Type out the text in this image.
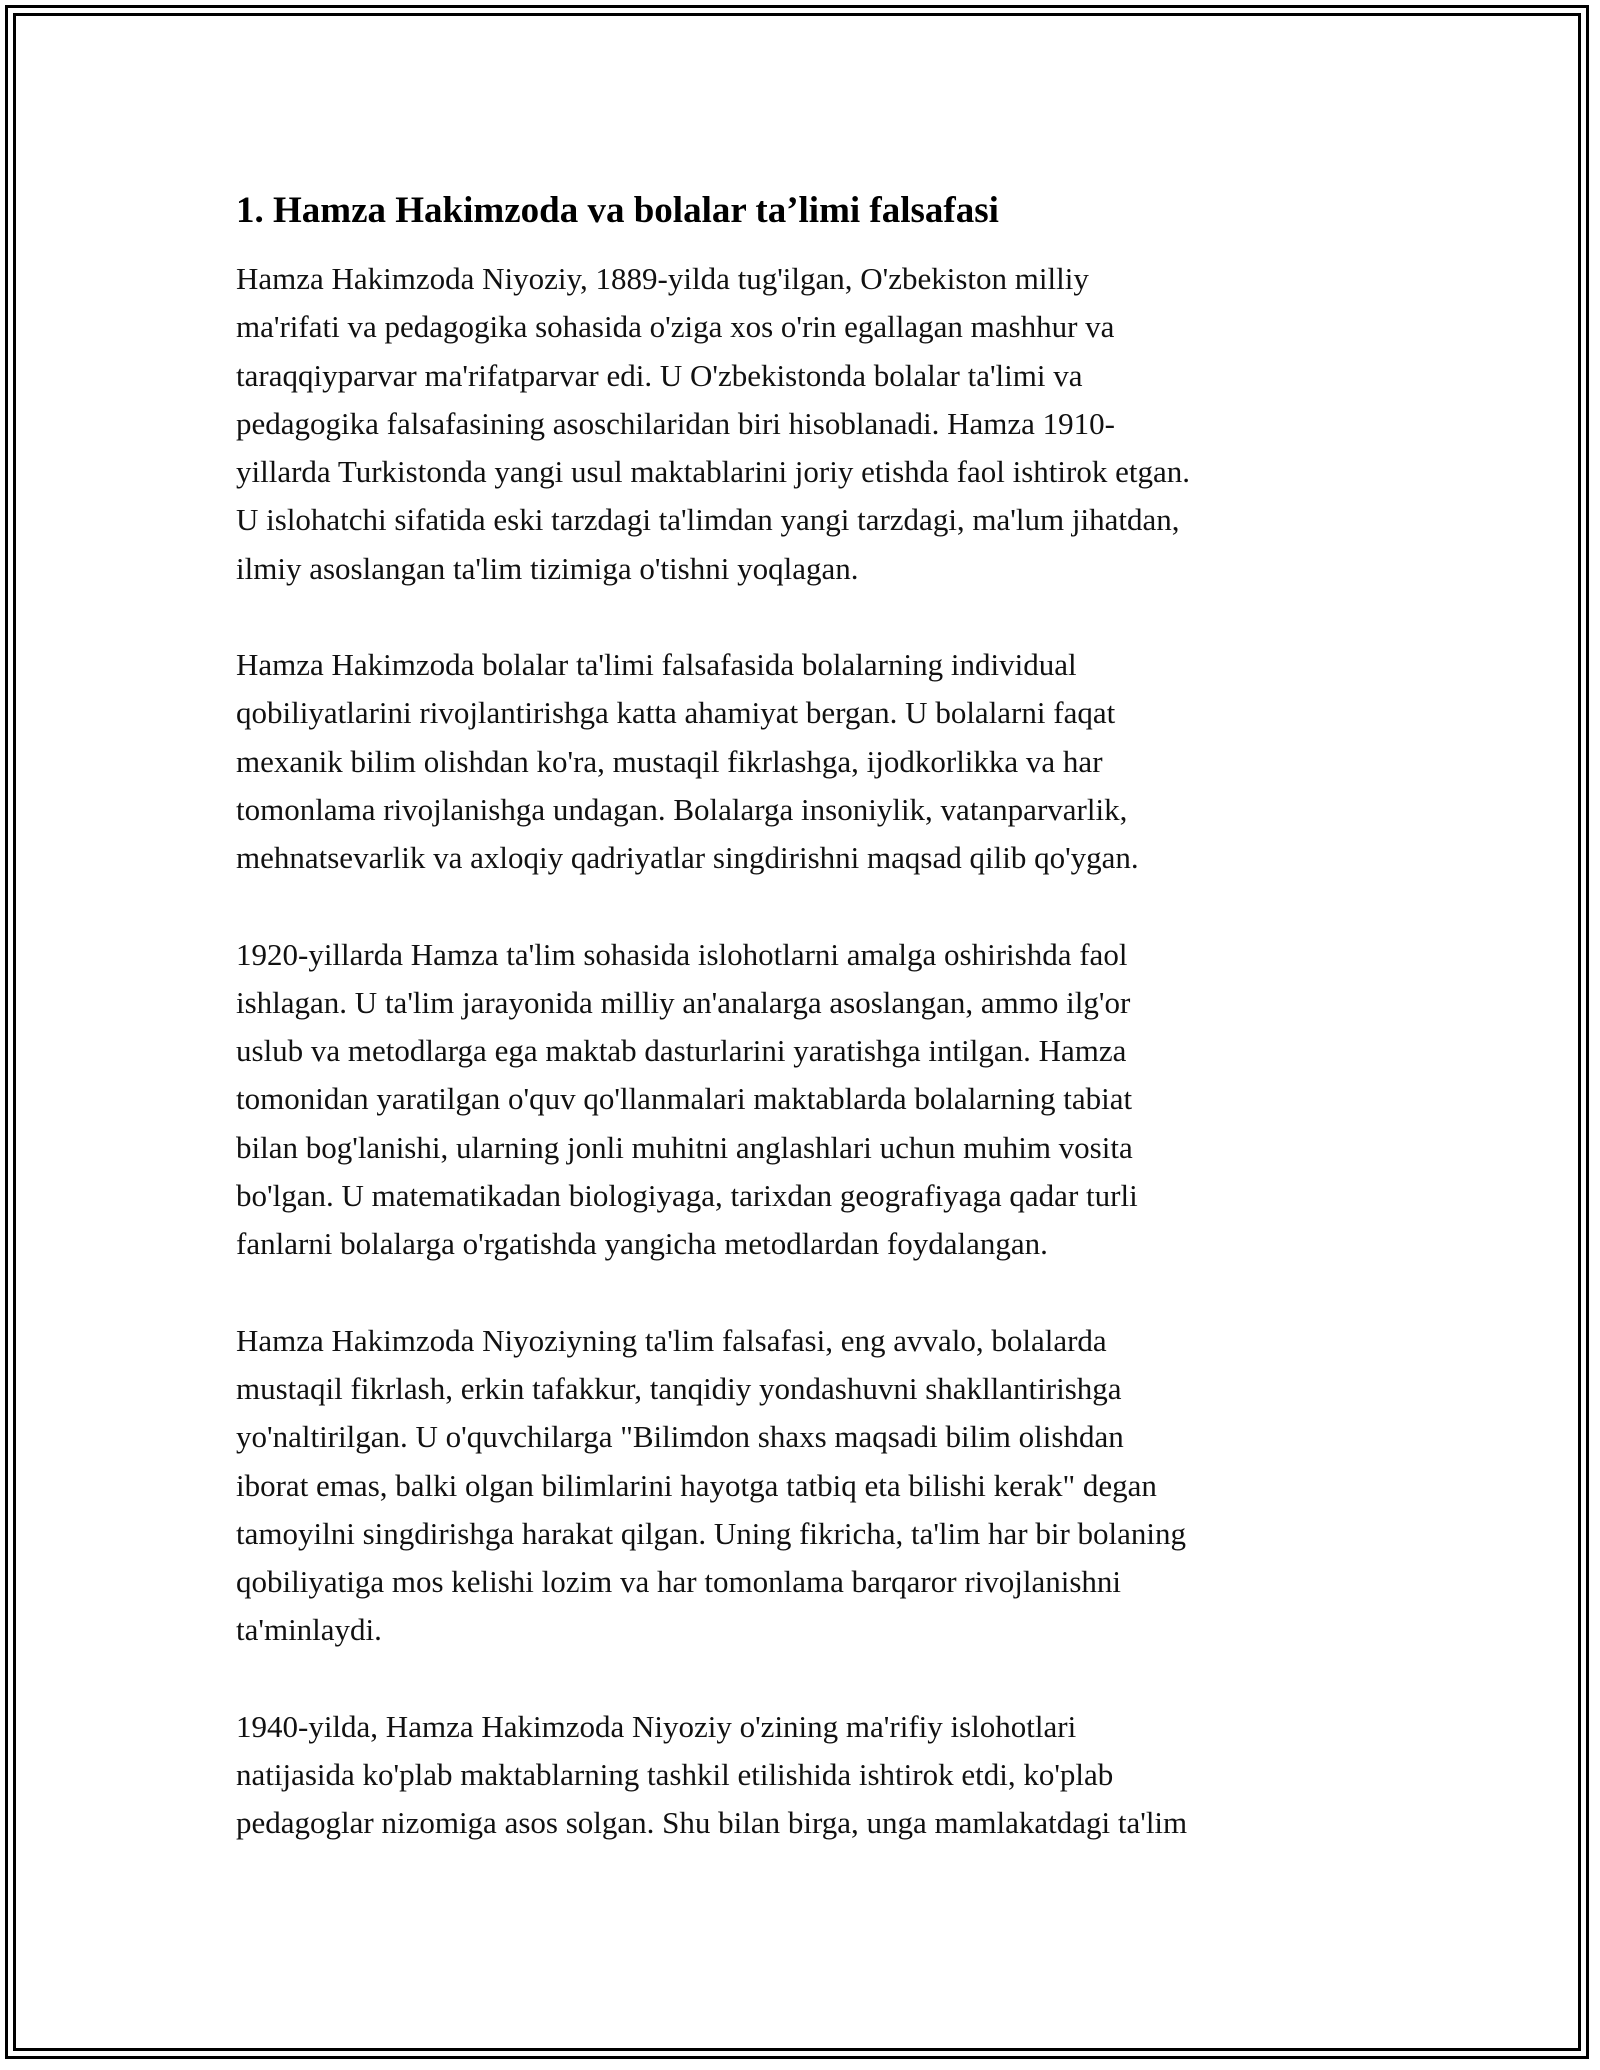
1. Hamza Hakimzoda va bolalar ta’limi falsafasi

Hamza Hakimzoda Niyoziy, 1889-yilda tug'ilgan, O'zbekiston milliy
ma'rifati va pedagogika sohasida o'ziga xos o'rin egallagan mashhur va
taraqqiyparvar ma'rifatparvar edi. U O'zbekistonda bolalar ta'limi va
pedagogika falsafasining asoschilaridan biri hisoblanadi. Hamza 1910-
yillarda Turkistonda yangi usul maktablarini joriy etishda faol ishtirok etgan.
U islohatchi sifatida eski tarzdagi ta'limdan yangi tarzdagi, ma'lum jihatdan,
ilmiy asoslangan ta'lim tizimiga o'tishni yoqlagan.

Hamza Hakimzoda bolalar ta'limi falsafasida bolalarning individual
qobiliyatlarini rivojlantirishga katta ahamiyat bergan. U bolalarni faqat
mexanik bilim olishdan ko'ra, mustaqil fikrlashga, ijodkorlikka va har
tomonlama rivojlanishga undagan. Bolalarga insoniylik, vatanparvarlik,
mehnatsevarlik va axloqiy qadriyatlar singdirishni maqsad qilib qo'ygan.

1920-yillarda Hamza ta'lim sohasida islohotlarni amalga oshirishda faol
ishlagan. U ta'lim jarayonida milliy an'analarga asoslangan, ammo ilg'or
uslub va metodlarga ega maktab dasturlarini yaratishga intilgan. Hamza
tomonidan yaratilgan o'quv qo'llanmalari maktablarda bolalarning tabiat
bilan bog'lanishi, ularning jonli muhitni anglashlari uchun muhim vosita
bo'lgan. U matematikadan biologiyaga, tarixdan geografiyaga qadar turli
fanlarni bolalarga o'rgatishda yangicha metodlardan foydalangan.

Hamza Hakimzoda Niyoziyning ta'lim falsafasi, eng avvalo, bolalarda
mustaqil fikrlash, erkin tafakkur, tanqidiy yondashuvni shakllantirishga
yo'naltirilgan. U o'quvchilarga "Bilimdon shaxs maqsadi bilim olishdan
iborat emas, balki olgan bilimlarini hayotga tatbiq eta bilishi kerak" degan
tamoyilni singdirishga harakat qilgan. Uning fikricha, ta'lim har bir bolaning
qobiliyatiga mos kelishi lozim va har tomonlama barqaror rivojlanishni
ta'minlaydi.

1940-yilda, Hamza Hakimzoda Niyoziy o'zining ma'rifiy islohotlari
natijasida ko'plab maktablarning tashkil etilishida ishtirok etdi, ko'plab
pedagoglar nizomiga asos solgan. Shu bilan birga, unga mamlakatdagi ta'lim
